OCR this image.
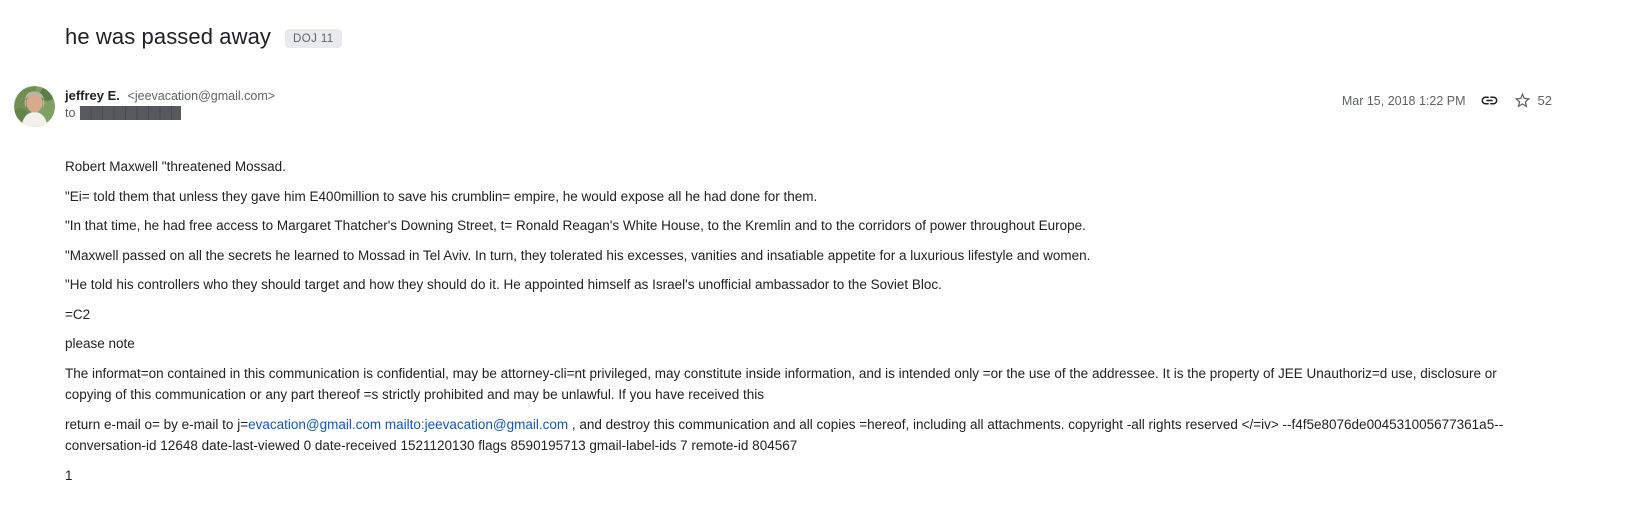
he was passed away	DOJ 11
jeffrey E. <jeevacation@gmail.com>
to
Mar 15, 2018 1:22 PM	52

Robert Maxwell "threatened Mossad.

"Ei= told them that unless they gave him E400million to save his crumblin= empire, he would expose all he had done for them.

"In that time, he had free access to Margaret Thatcher's Downing Street, t= Ronald Reagan's White House, to the Kremlin and to the corridors of power throughout Europe.

"Maxwell passed on all the secrets he learned to Mossad in Tel Aviv. In turn, they tolerated his excesses, vanities and insatiable appetite for a luxurious lifestyle and women.

"He told his controllers who they should target and how they should do it. He appointed himself as Israel's unofficial ambassador to the Soviet Bloc.

=C2

please note

The informat=on contained in this communication is confidential, may be attorney-cli=nt privileged, may constitute inside information, and is intended only =or the use of the addressee. It is the property of JEE Unauthoriz=d use, disclosure or copying of this communication or any part thereof =s strictly prohibited and may be unlawful. If you have received this

return e-mail o= by e-mail to j=evacation@gmail.com mailto:jeevacation@gmail.com , and destroy this communication and all copies =hereof, including all attachments. copyright -all rights reserved </=iv> --f4f5e8076de004531005677361a5-- conversation-id 12648 date-last-viewed 0 date-received 1521120130 flags 8590195713 gmail-label-ids 7 remote-id 804567

1
